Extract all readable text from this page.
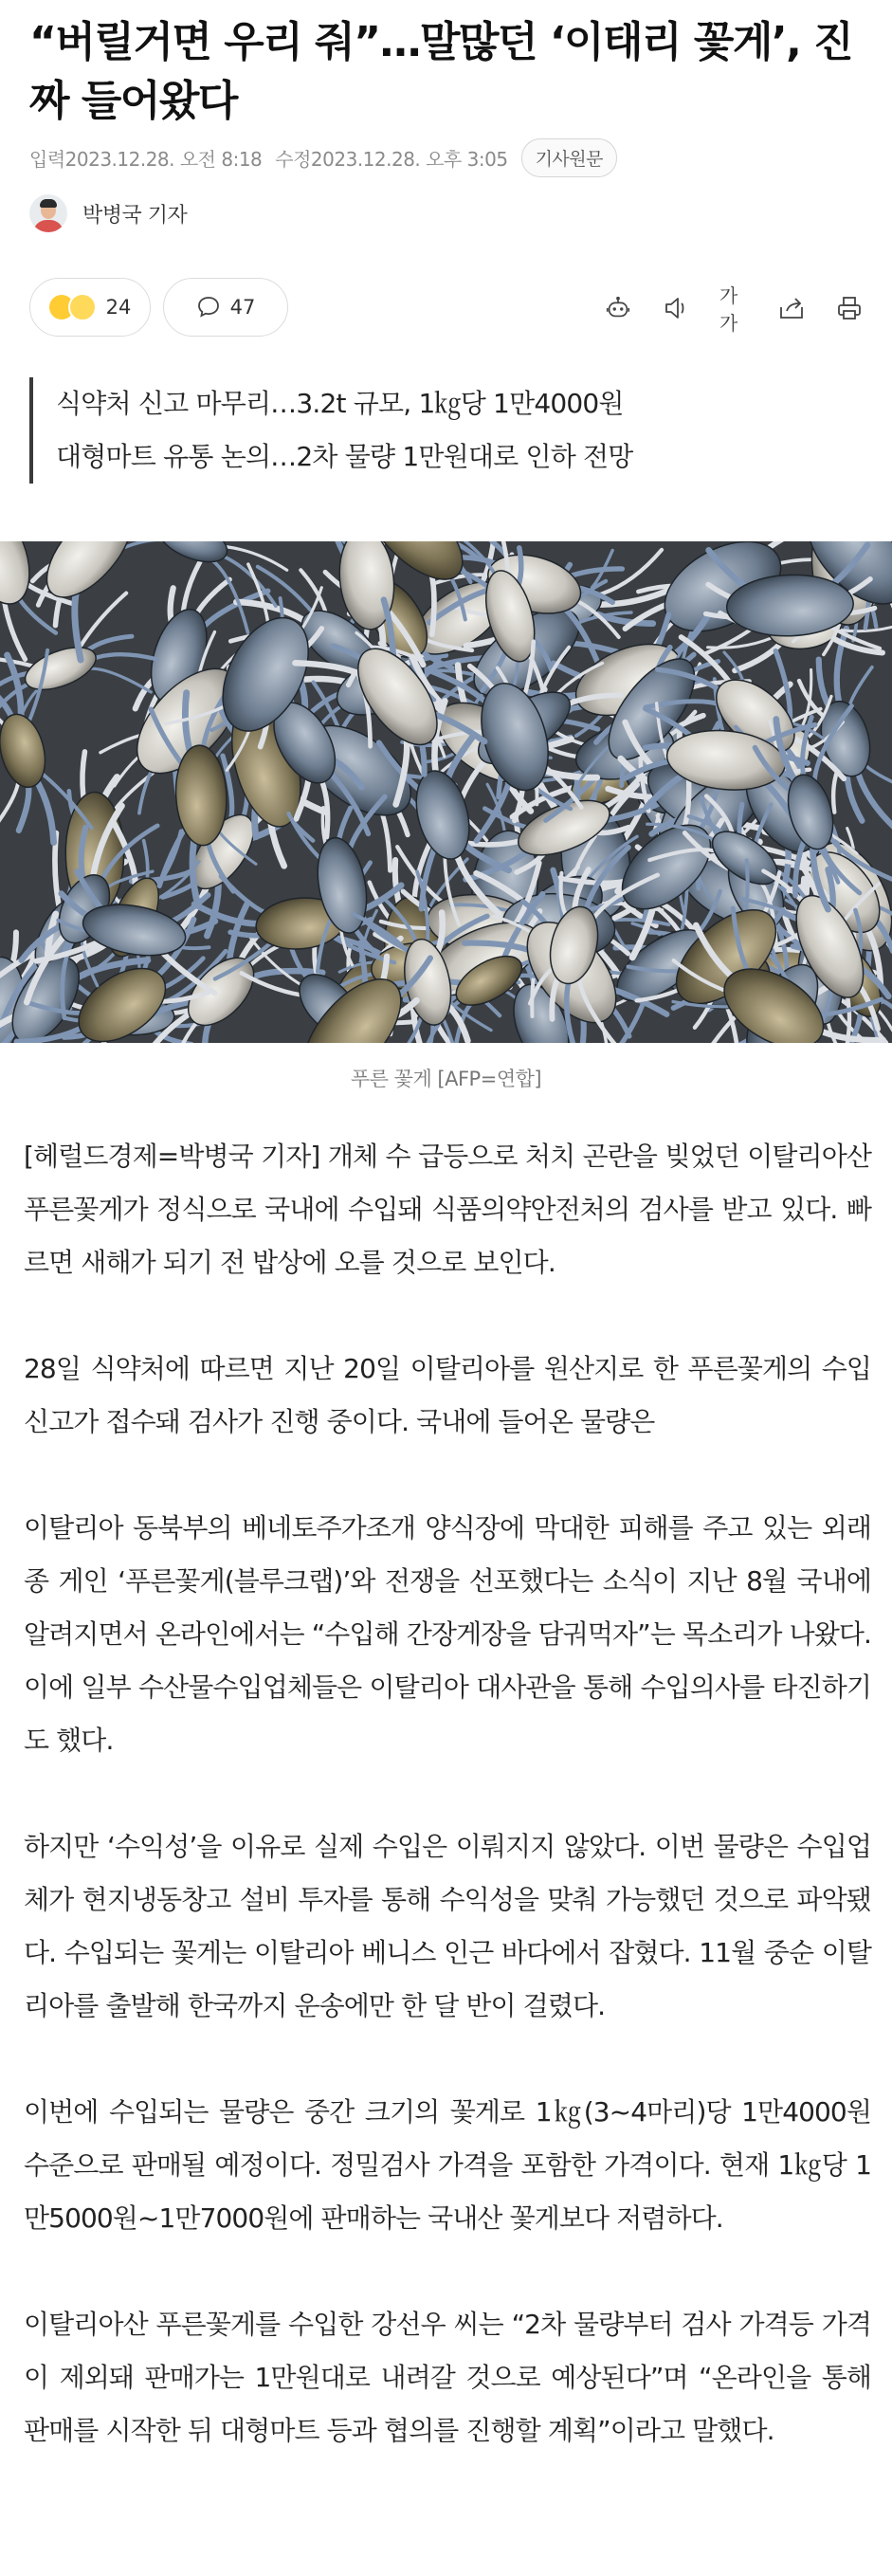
“버릴거면 우리 줘”…말많던 ‘이태리 꽃게’, 진짜 들어왔다
입력2023.12.28. 오전 8:18 수정2023.12.28. 오후 3:05	기사원문
박병국 기자
24	47	가가

식약처 신고 마무리…3.2t 규모, 1㎏당 1만4000원

대형마트 유통 논의…2차 물량 1만원대로 인하 전망

푸른 꽃게 [AFP=연합]

[헤럴드경제=박병국 기자] 개체 수 급등으로 처치 곤란을 빚었던 이탈리아산 푸른꽃게가 정식으로 국내에 수입돼 식품의약안전처의 검사를 받고 있다. 빠르면 새해가 되기 전 밥상에 오를 것으로 보인다.

28일 식약처에 따르면 지난 20일 이탈리아를 원산지로 한 푸른꽃게의 수입신고가 접수돼 검사가 진행 중이다. 국내에 들어온 물량은

이탈리아 동북부의 베네토주가조개 양식장에 막대한 피해를 주고 있는 외래종 게인 ‘푸른꽃게(블루크랩)’와 전쟁을 선포했다는 소식이 지난 8월 국내에 알려지면서 온라인에서는 “수입해 간장게장을 담궈먹자”는 목소리가 나왔다. 이에 일부 수산물수입업체들은 이탈리아 대사관을 통해 수입의사를 타진하기도 했다.

하지만 ‘수익성’을 이유로 실제 수입은 이뤄지지 않았다. 이번 물량은 수입업체가 현지냉동창고 설비 투자를 통해 수익성을 맞춰 가능했던 것으로 파악됐다. 수입되는 꽃게는 이탈리아 베니스 인근 바다에서 잡혔다. 11월 중순 이탈리아를 출발해 한국까지 운송에만 한 달 반이 걸렸다.

이번에 수입되는 물량은 중간 크기의 꽃게로 1㎏(3~4마리)당 1만4000원 수준으로 판매될 예정이다. 정밀검사 가격을 포함한 가격이다. 현재 1㎏당 1만5000원~1만7000원에 판매하는 국내산 꽃게보다 저렴하다.

이탈리아산 푸른꽃게를 수입한 강선우 씨는 “2차 물량부터 검사 가격등 가격이 제외돼 판매가는 1만원대로 내려갈 것으로 예상된다”며 “온라인을 통해 판매를 시작한 뒤 대형마트 등과 협의를 진행할 계획”이라고 말했다.
